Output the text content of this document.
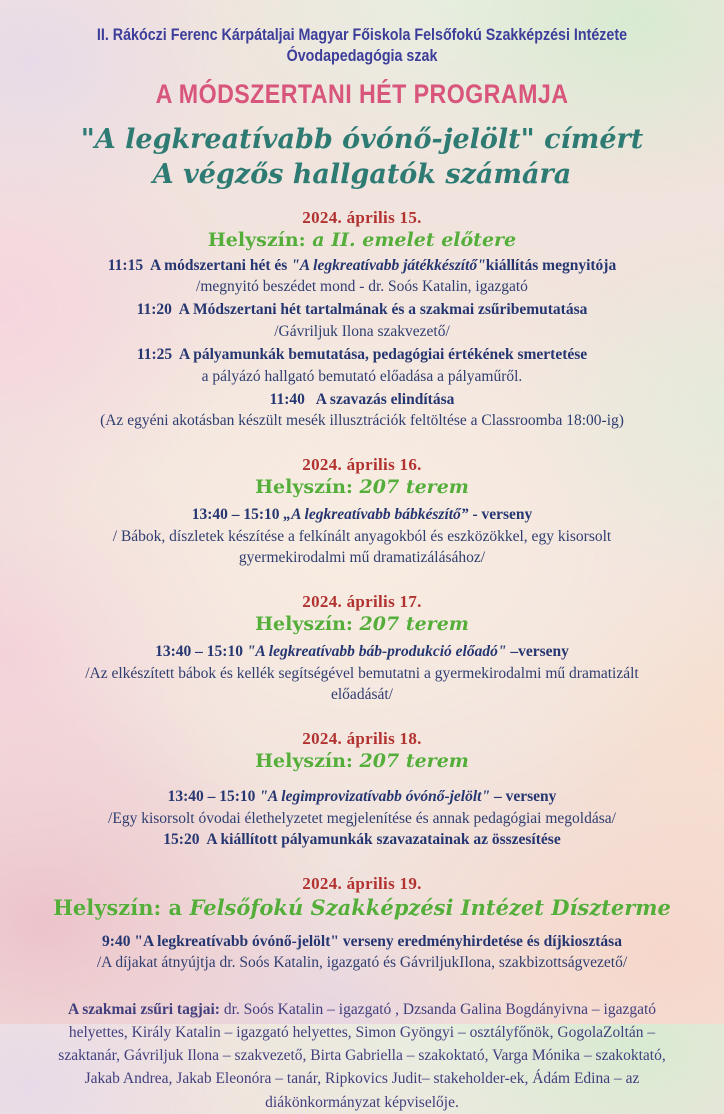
II. Rákóczi Ferenc Kárpátaljai Magyar Főiskola Felsőfokú Szakképzési Intézete
Óvodapedagógia szak
A MÓDSZERTANI HÉT PROGRAMJA
"A legkreatívabb óvónő-jelölt" címért
A végzős hallgatók számára
2024. április 15.
Helyszín: a II. emelet előtere
11:15  A módszertani hét és "A legkreatívabb játékkészítő"kiállítás megnyitója
/megnyitó beszédet mond - dr. Soós Katalin, igazgató
11:20  A Módszertani hét tartalmának és a szakmai zsűribemutatása
/Gávriljuk Ilona szakvezető/
11:25  A pályamunkák bemutatása, pedagógiai értékének smertetése
a pályázó hallgató bemutató előadása a pályaműről.
11:40   A szavazás elindítása
(Az egyéni akotásban készült mesék illusztrációk feltöltése a Classroomba 18:00-ig)
2024. április 16.
Helyszín: 207 terem
13:40 – 15:10 „A legkreatívabb bábkészítő” - verseny
/ Bábok, díszletek készítése a felkínált anyagokból és eszközökkel, egy kisorsolt gyermekirodalmi mű dramatizálásához/
2024. április 17.
Helyszín: 207 terem
13:40 – 15:10 "A legkreatívabb báb-produkció előadó" –verseny
/Az elkészített bábok és kellék segítségével bemutatni a gyermekirodalmi mű dramatizált előadását/
2024. április 18.
Helyszín: 207 terem
13:40 – 15:10 "A legimprovizatívabb óvónő-jelölt" – verseny
/Egy kisorsolt óvodai élethelyzetet megjelenítése és annak pedagógiai megoldása/
15:20  A kiállított pályamunkák szavazatainak az összesítése
2024. április 19.
Helyszín: a Felsőfokú Szakképzési Intézet Díszterme
9:40 "A legkreatívabb óvónő-jelölt" verseny eredményhirdetése és díjkiosztása
/A díjakat átnyújtja dr. Soós Katalin, igazgató és GávriljukIlona, szakbizottságvezető/

A szakmai zsűri tagjai: dr. Soós Katalin – igazgató , Dzsanda Galina Bogdányivna – igazgató helyettes, Király Katalin – igazgató helyettes, Simon Gyöngyi – osztályfőnök, GogolaZoltán – szaktanár, Gávriljuk Ilona – szakvezető, Birta Gabriella – szakoktató, Varga Mónika – szakoktató, Jakab Andrea, Jakab Eleonóra – tanár, Ripkovics Judit– stakeholder-ek, Ádám Edina – az diákönkormányzat képviselője.
